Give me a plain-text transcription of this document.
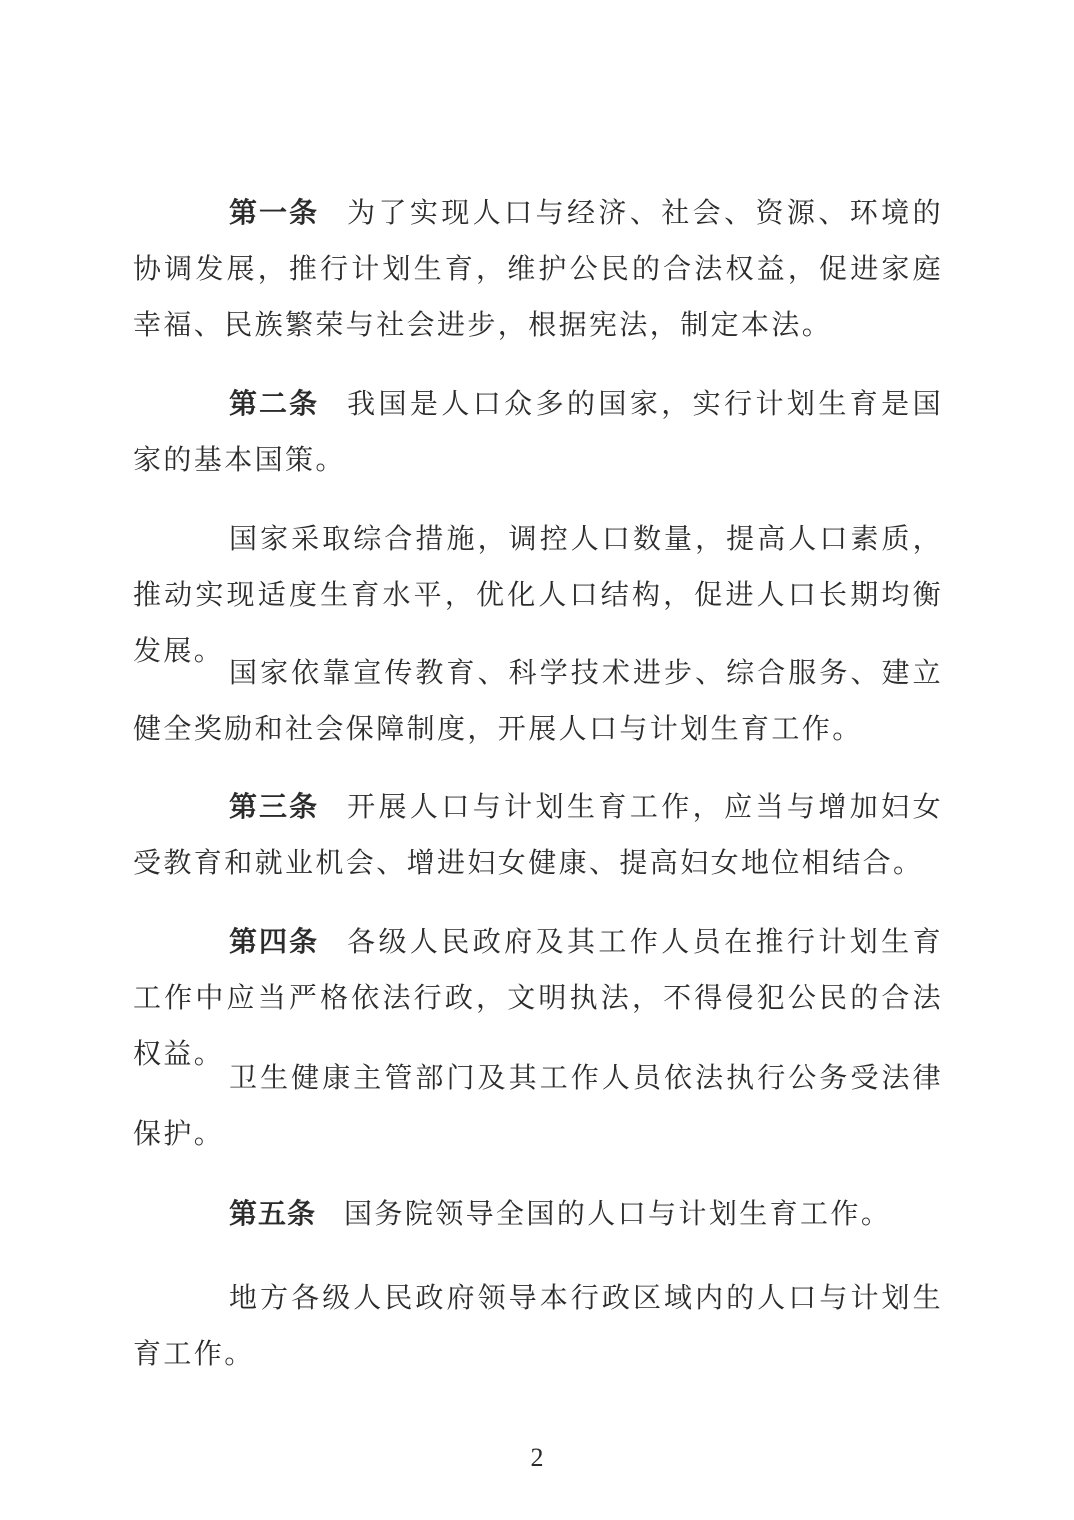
第一条 为了实现人口与经济、社会、资源、环境的协调发展，推行计划生育，维护公民的合法权益，促进家庭幸福、民族繁荣与社会进步，根据宪法，制定本法。

第二条 我国是人口众多的国家，实行计划生育是国家的基本国策。

国家采取综合措施，调控人口数量，提高人口素质，推动实现适度生育水平，优化人口结构，促进人口长期均衡发展。

国家依靠宣传教育、科学技术进步、综合服务、建立健全奖励和社会保障制度，开展人口与计划生育工作。

第三条 开展人口与计划生育工作，应当与增加妇女受教育和就业机会、增进妇女健康、提高妇女地位相结合。

第四条 各级人民政府及其工作人员在推行计划生育工作中应当严格依法行政，文明执法，不得侵犯公民的合法权益。

卫生健康主管部门及其工作人员依法执行公务受法律保护。

第五条 国务院领导全国的人口与计划生育工作。

地方各级人民政府领导本行政区域内的人口与计划生育工作。

2
